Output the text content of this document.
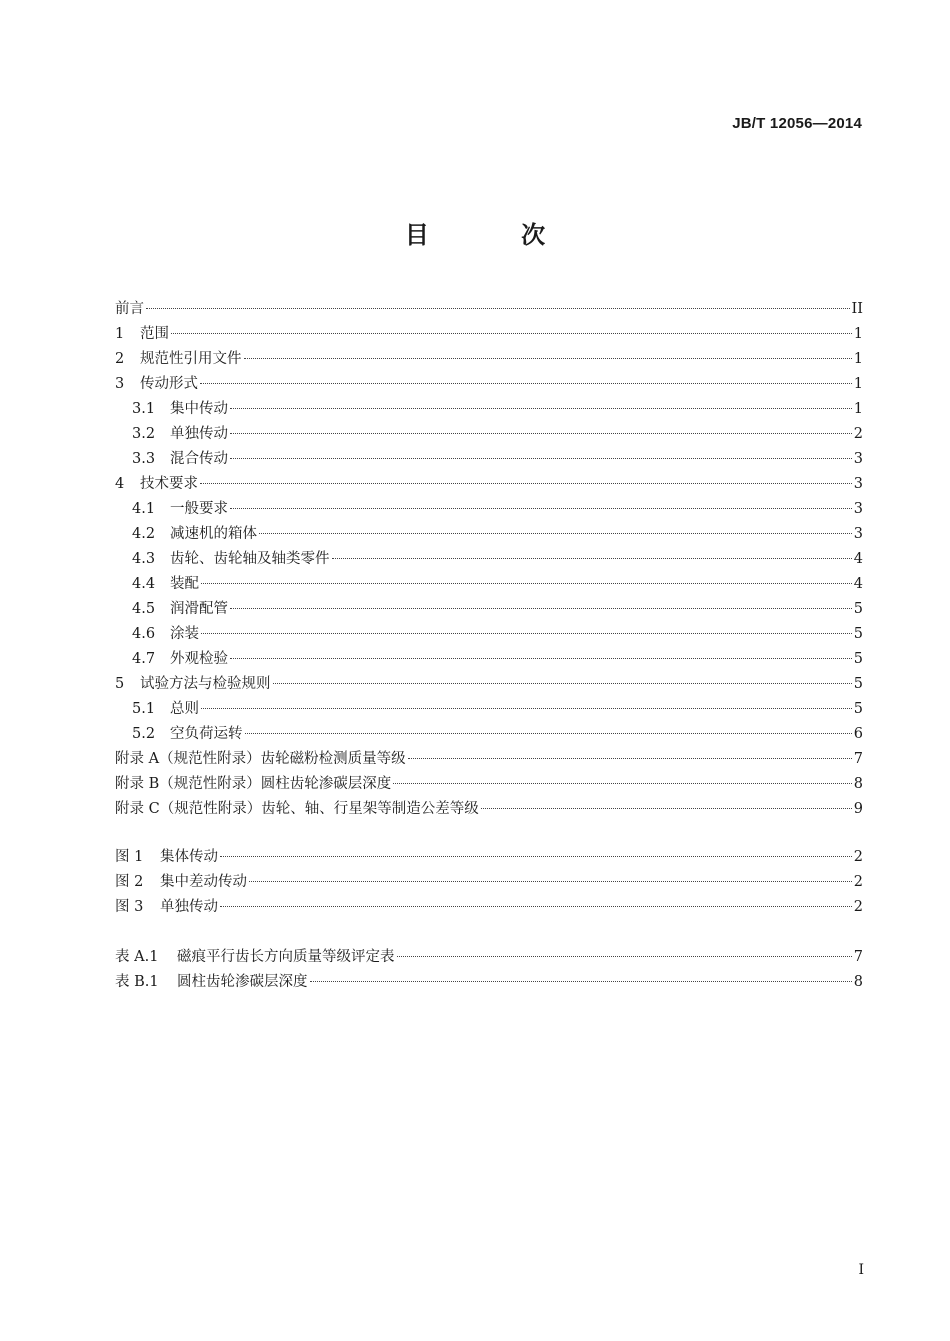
JB/T 12056—2014
目 次
前言	II
1	范围	1
2	规范性引用文件	1
3	传动形式	1
3.1	集中传动	1
3.2	单独传动	2
3.3	混合传动	3
4	技术要求	3
4.1	一般要求	3
4.2	减速机的箱体	3
4.3	齿轮、齿轮轴及轴类零件	4
4.4	装配	4
4.5	润滑配管	5
4.6	涂装	5
4.7	外观检验	5
5	试验方法与检验规则	5
5.1	总则	5
5.2	空负荷运转	6
附录 A（规范性附录）齿轮磁粉检测质量等级	7
附录 B（规范性附录）圆柱齿轮渗碳层深度	8
附录 C（规范性附录）齿轮、轴、行星架等制造公差等级	9
图 1	集体传动	2
图 2	集中差动传动	2
图 3	单独传动	2
表 A.1	磁痕平行齿长方向质量等级评定表	7
表 B.1	圆柱齿轮渗碳层深度	8
I
